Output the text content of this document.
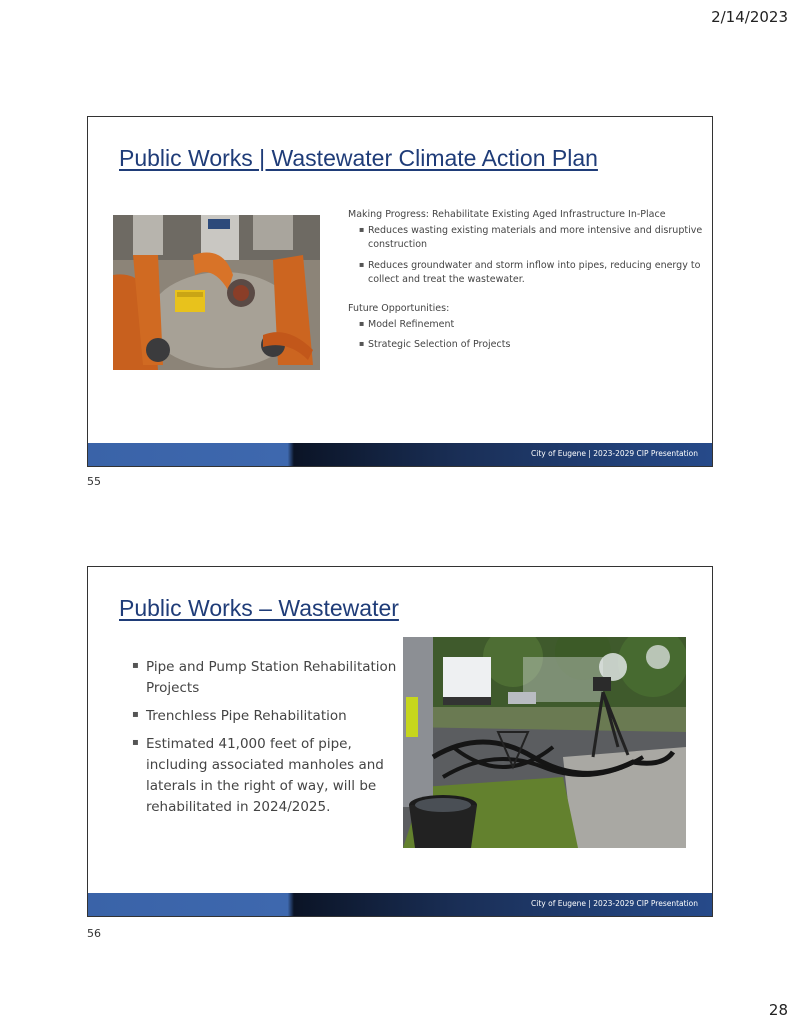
2/14/2023
Public Works | Wastewater Climate Action Plan

Making Progress: Rehabilitate Existing Aged Infrastructure In-Place

▪ Reduces wasting existing materials and more intensive and disruptive construction
▪ Reduces groundwater and storm inflow into pipes, reducing energy to collect and treat the wastewater.

Future Opportunities:

▪ Model Refinement
▪ Strategic Selection of Projects
City of Eugene | 2023-2029 CIP Presentation
55
Public Works – Wastewater
▪ Pipe and Pump Station Rehabilitation Projects
▪ Trenchless Pipe Rehabilitation
▪ Estimated 41,000 feet of pipe, including associated manholes and laterals in the right of way, will be rehabilitated in 2024/2025.
City of Eugene | 2023-2029 CIP Presentation
56
28
